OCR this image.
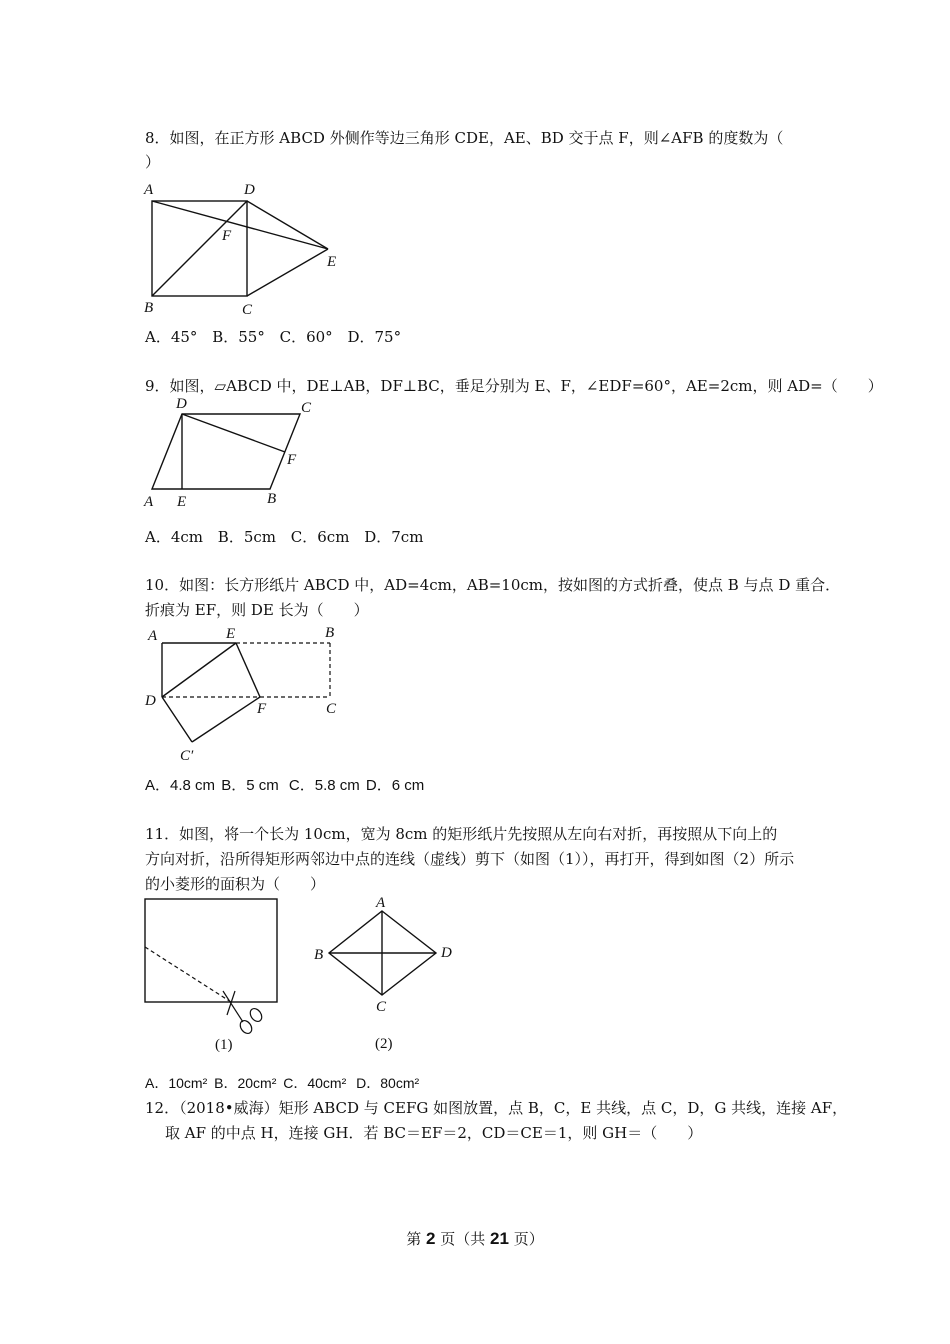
8．如图，在正方形 ABCD 外侧作等边三角形 CDE，AE、BD 交于点 F，则∠AFB 的度数为（
）
A	D
F
E
B	C
A．45° B．55° C．60° D．75°
9．如图，▱ABCD 中，DE⊥AB，DF⊥BC，垂足分别为 E、F，∠EDF=60°，AE=2cm，则 AD=（　　）
D	C
F
A E	B
A．4cm B．5cm C．6cm D．7cm
10．如图：长方形纸片 ABCD 中，AD=4cm，AB=10cm，按如图的方式折叠，使点 B 与点 D 重合．
折痕为 EF，则 DE 长为（　　）
A	E	B
D	F	C
C′
A．4.8 cm B．5 cm C．5.8 cm D．6 cm
11．如图，将一个长为 10cm，宽为 8cm 的矩形纸片先按照从左向右对折，再按照从下向上的
方向对折，沿所得矩形两邻边中点的连线（虚线）剪下（如图（1）），再打开，得到如图（2）所示
的小菱形的面积为（　　）
(1)
A
B	D
C
(2)
A．10cm² B．20cm² C．40cm² D．80cm²
12．（2018•威海）矩形 ABCD 与 CEFG 如图放置，点 B，C，E 共线，点 C，D，G 共线，连接 AF，
取 AF 的中点 H，连接 GH．若 BC＝EF＝2，CD＝CE＝1，则 GH＝（　　）
第 2 页（共 21 页）
